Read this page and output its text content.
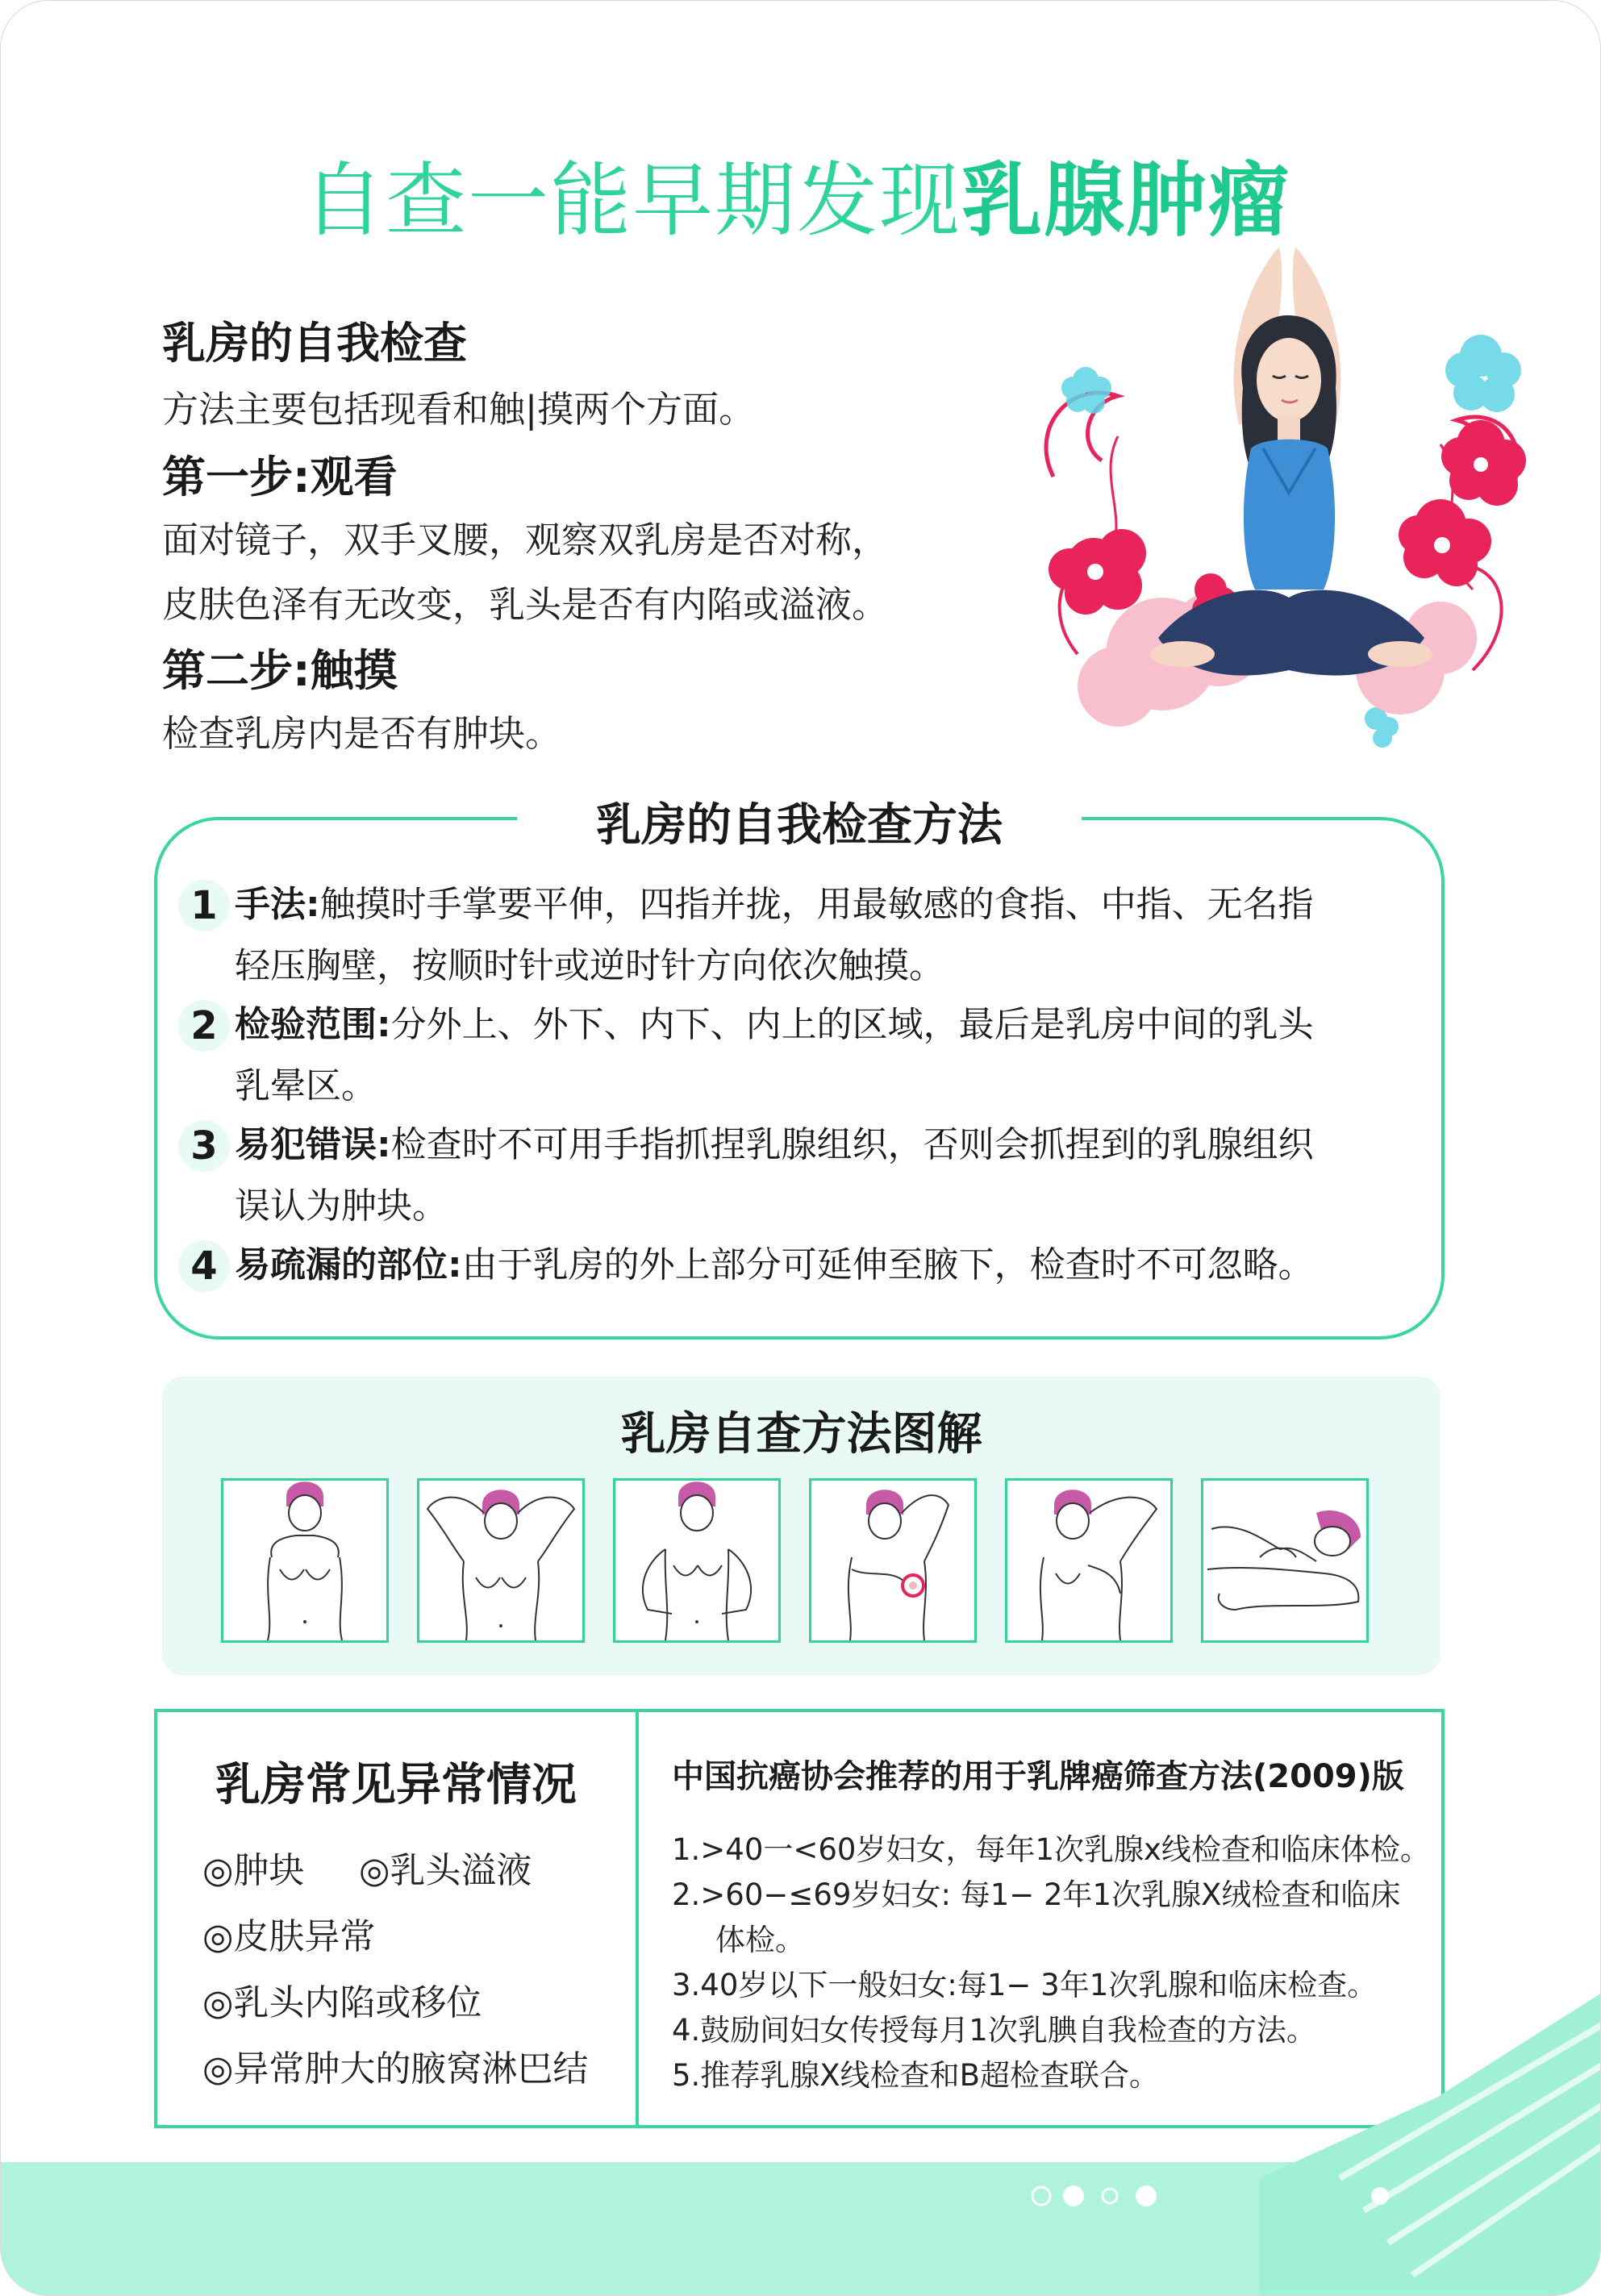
自查一能早期发现乳腺肿瘤
乳房的自我检查
方法主要包括现看和触|摸两个方面。
第一步:观看
面对镜子，双手叉腰，观察双乳房是否对称，
皮肤色泽有无改变，乳头是否有内陷或溢液。
第二步:触摸
检查乳房内是否有肿块。
乳房的自我检查方法
1 手法:触摸时手掌要平伸，四指并拢，用最敏感的食指、中指、无名指
轻压胸壁，按顺时针或逆时针方向依次触摸。
2 检验范围:分外上、外下、内下、内上的区域，最后是乳房中间的乳头
乳晕区。
3 易犯错误:检查时不可用手指抓捏乳腺组织，否则会抓捏到的乳腺组织
误认为肿块。
4 易疏漏的部位:由于乳房的外上部分可延伸至腋下，检查时不可忽略。
乳房自查方法图解
乳房常见异常情况
◎肿块 ◎乳头溢液
◎皮肤异常
◎乳头内陷或移位
◎异常肿大的腋窝淋巴结
中国抗癌协会推荐的用于乳牌癌筛查方法(2009)版
1.>40一<60岁妇女，每年1次乳腺x线检查和临床体检。
2.>60−≤69岁妇女: 每1− 2年1次乳腺X绒检查和临床
体检。
3.40岁以下一般妇女:每1− 3年1次乳腺和临床检查。
4.鼓励间妇女传授每月1次乳腆自我检查的方法。
5.推荐乳腺X线检查和B超检查联合。
